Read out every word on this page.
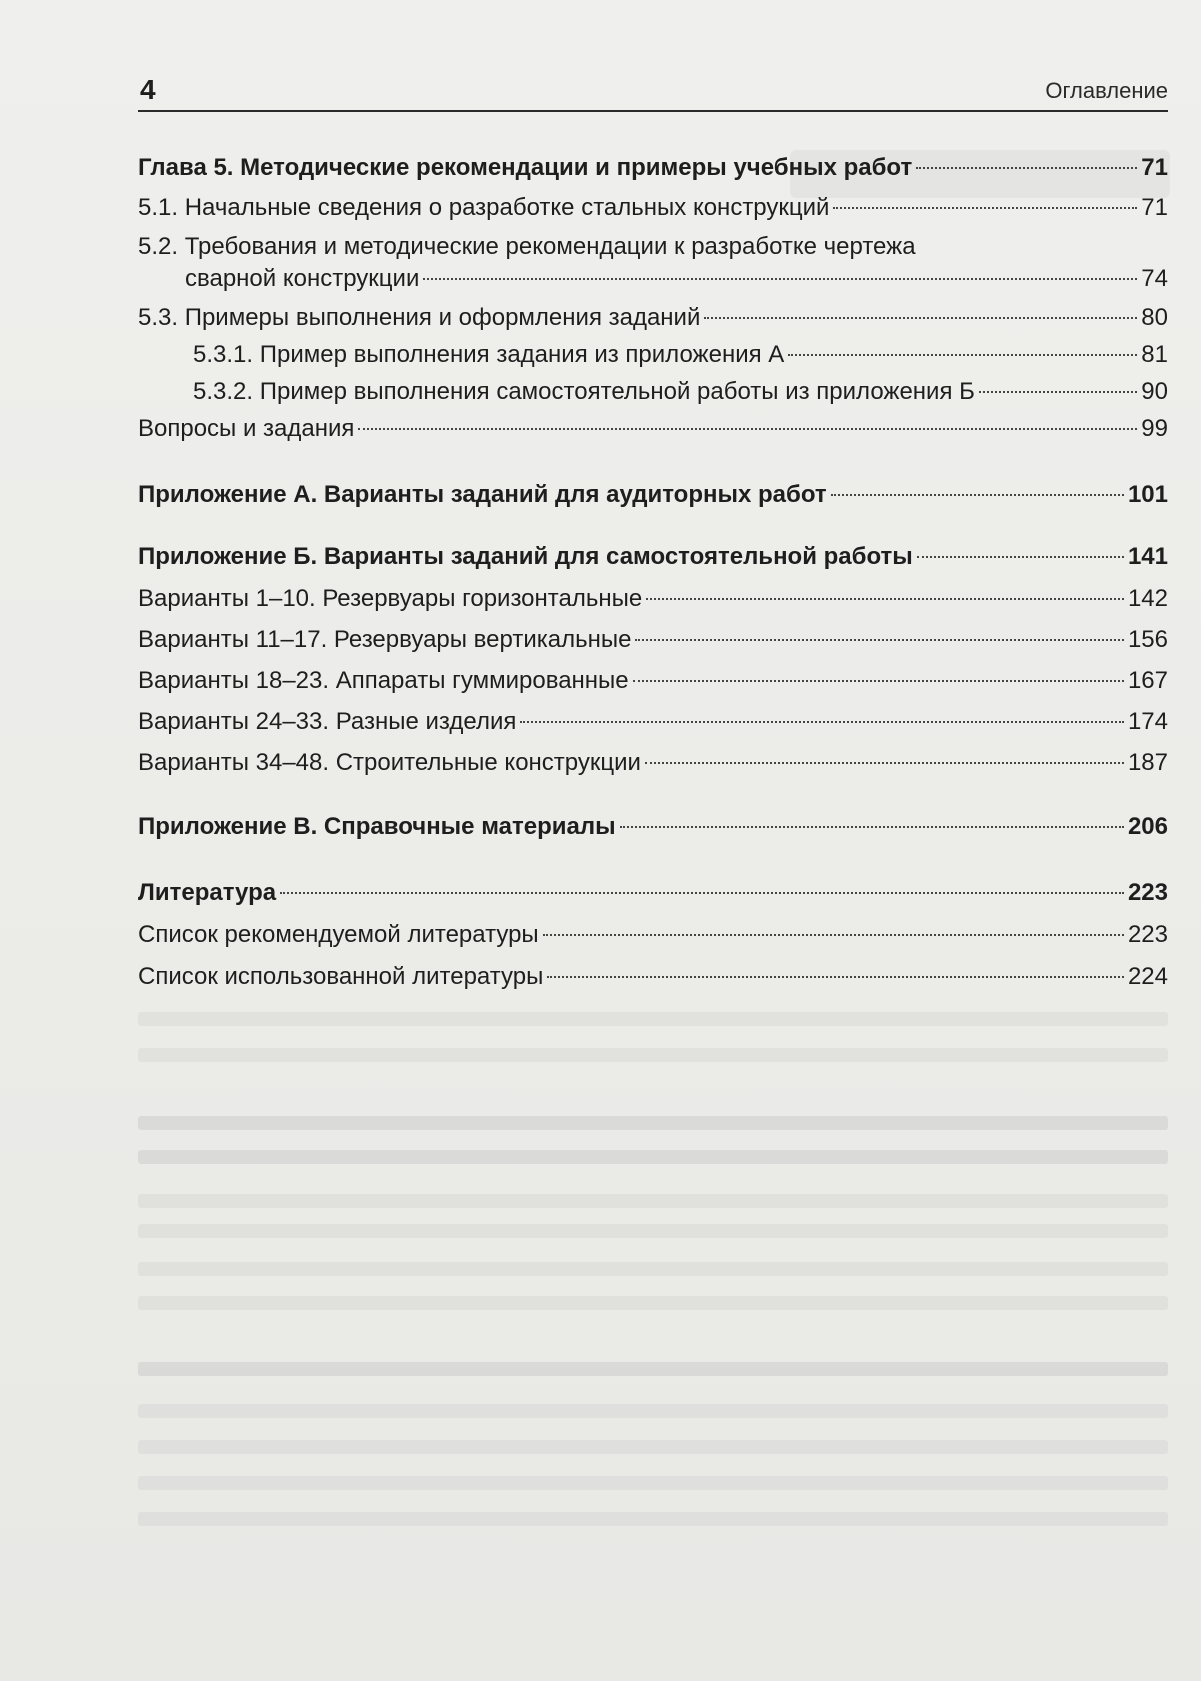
4	Оглавление
Глава 5. Методические рекомендации и примеры учебных работ	71
5.1. Начальные сведения о разработке стальных конструкций	71
5.2. Требования и методические рекомендации к разработке чертежа
сварной конструкции	74
5.3. Примеры выполнения и оформления заданий	80
5.3.1. Пример выполнения задания из приложения А	81
5.3.2. Пример выполнения самостоятельной работы из приложения Б	90
Вопросы и задания	99
Приложение А. Варианты заданий для аудиторных работ	101
Приложение Б. Варианты заданий для самостоятельной работы	141
Варианты 1–10. Резервуары горизонтальные	142
Варианты 11–17. Резервуары вертикальные	156
Варианты 18–23. Аппараты гуммированные	167
Варианты 24–33. Разные изделия	174
Варианты 34–48. Строительные конструкции	187
Приложение В. Справочные материалы	206
Литература	223
Список рекомендуемой литературы	223
Список использованной литературы	224
